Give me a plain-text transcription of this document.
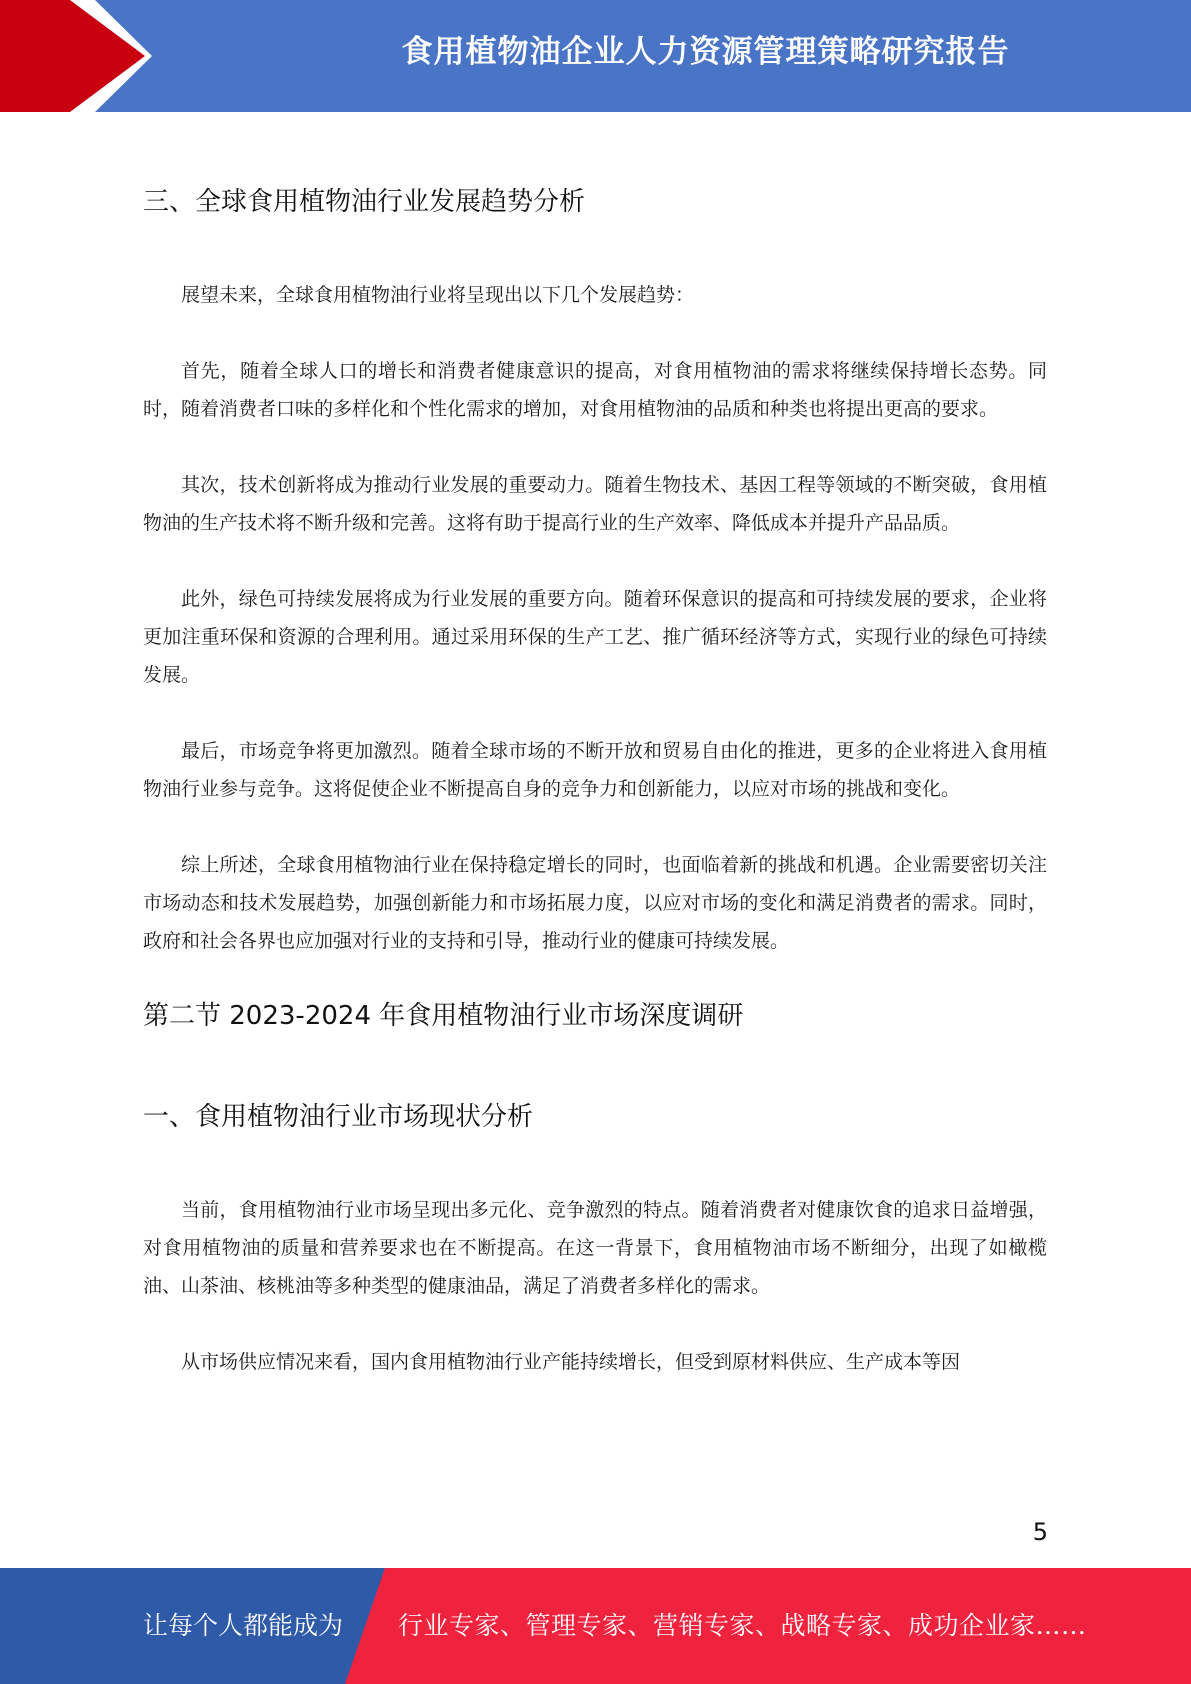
食用植物油企业人力资源管理策略研究报告
三、全球食用植物油行业发展趋势分析

展望未来，全球食用植物油行业将呈现出以下几个发展趋势：

首先，随着全球人口的增长和消费者健康意识的提高，对食用植物油的需求将继续保持增长态势。同时，随着消费者口味的多样化和个性化需求的增加，对食用植物油的品质和种类也将提出更高的要求。

其次，技术创新将成为推动行业发展的重要动力。随着生物技术、基因工程等领域的不断突破，食用植物油的生产技术将不断升级和完善。这将有助于提高行业的生产效率、降低成本并提升产品品质。

此外，绿色可持续发展将成为行业发展的重要方向。随着环保意识的提高和可持续发展的要求，企业将更加注重环保和资源的合理利用。通过采用环保的生产工艺、推广循环经济等方式，实现行业的绿色可持续发展。

最后，市场竞争将更加激烈。随着全球市场的不断开放和贸易自由化的推进，更多的企业将进入食用植物油行业参与竞争。这将促使企业不断提高自身的竞争力和创新能力，以应对市场的挑战和变化。

综上所述，全球食用植物油行业在保持稳定增长的同时，也面临着新的挑战和机遇。企业需要密切关注市场动态和技术发展趋势，加强创新能力和市场拓展力度，以应对市场的变化和满足消费者的需求。同时，政府和社会各界也应加强对行业的支持和引导，推动行业的健康可持续发展。

第二节 2023-2024 年食用植物油行业市场深度调研
一、食用植物油行业市场现状分析

当前，食用植物油行业市场呈现出多元化、竞争激烈的特点。随着消费者对健康饮食的追求日益增强，对食用植物油的质量和营养要求也在不断提高。在这一背景下，食用植物油市场不断细分，出现了如橄榄油、山茶油、核桃油等多种类型的健康油品，满足了消费者多样化的需求。

从市场供应情况来看，国内食用植物油行业产能持续增长，但受到原材料供应、生产成本等因

5
让每个人都能成为 行业专家、管理专家、营销专家、战略专家、成功企业家……
